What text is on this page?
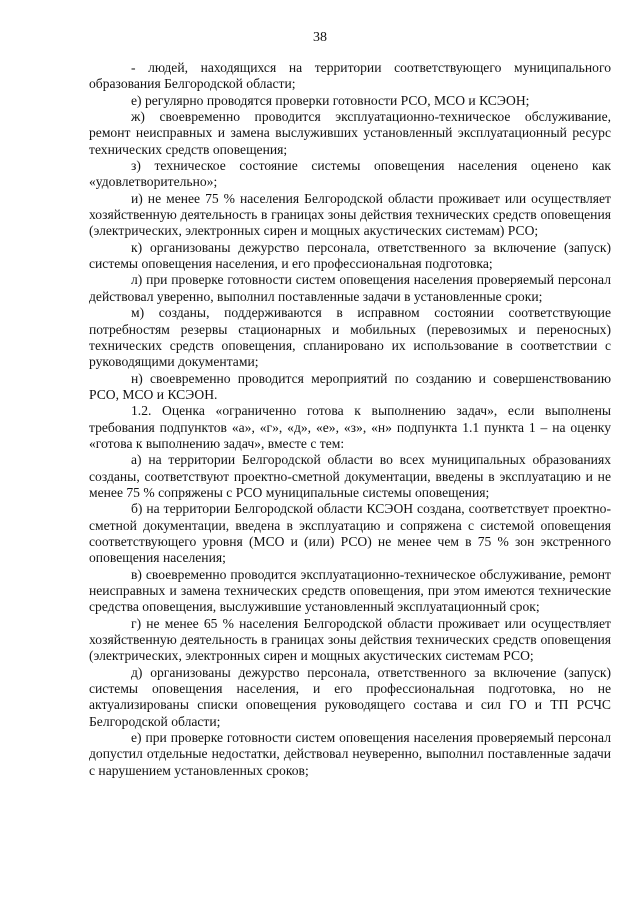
38

- людей, находящихся на территории соответствующего муниципального образования Белгородской области;

е) регулярно проводятся проверки готовности РСО, МСО и КСЭОН;

ж) своевременно проводится эксплуатационно-техническое обслуживание, ремонт неисправных и замена выслуживших установленный эксплуатационный ресурс технических средств оповещения;

з) техническое состояние системы оповещения населения оценено как «удовлетворительно»;

и) не менее 75 % населения Белгородской области проживает или осуществляет хозяйственную деятельность в границах зоны действия технических средств оповещения (электрических, электронных сирен и мощных акустических системам) РСО;

к) организованы дежурство персонала, ответственного за включение (запуск) системы оповещения населения, и его профессиональная подготовка;

л) при проверке готовности систем оповещения населения проверяемый персонал действовал уверенно, выполнил поставленные задачи в установленные сроки;

м) созданы, поддерживаются в исправном состоянии соответствующие потребностям резервы стационарных и мобильных (перевозимых и переносных) технических средств оповещения, спланировано их использование в соответствии с руководящими документами;

н) своевременно проводится мероприятий по созданию и совершенствованию РСО, МСО и КСЭОН.

1.2. Оценка «ограниченно готова к выполнению задач», если выполнены требования подпунктов «а», «г», «д», «е», «з», «н» подпункта 1.1 пункта 1 – на оценку «готова к выполнению задач», вместе с тем:

а) на территории Белгородской области во всех муниципальных образованиях созданы, соответствуют проектно-сметной документации, введены в эксплуатацию и не менее 75 % сопряжены с РСО муниципальные системы оповещения;

б) на территории Белгородской области КСЭОН создана, соответствует проектно-сметной документации, введена в эксплуатацию и сопряжена с системой оповещения соответствующего уровня (МСО и (или) РСО) не менее чем в 75 % зон экстренного оповещения населения;

в) своевременно проводится эксплуатационно-техническое обслуживание, ремонт неисправных и замена технических средств оповещения, при этом имеются технические средства оповещения, выслужившие установленный эксплуатационный срок;

г) не менее 65 % населения Белгородской области проживает или осуществляет хозяйственную деятельность в границах зоны действия технических средств оповещения (электрических, электронных сирен и мощных акустических системам РСО;

д) организованы дежурство персонала, ответственного за включение (запуск) системы оповещения населения, и его профессиональная подготовка, но не актуализированы списки оповещения руководящего состава и сил ГО и ТП РСЧС Белгородской области;

е) при проверке готовности систем оповещения населения проверяемый персонал допустил отдельные недостатки, действовал неуверенно, выполнил поставленные задачи с нарушением установленных сроков;
